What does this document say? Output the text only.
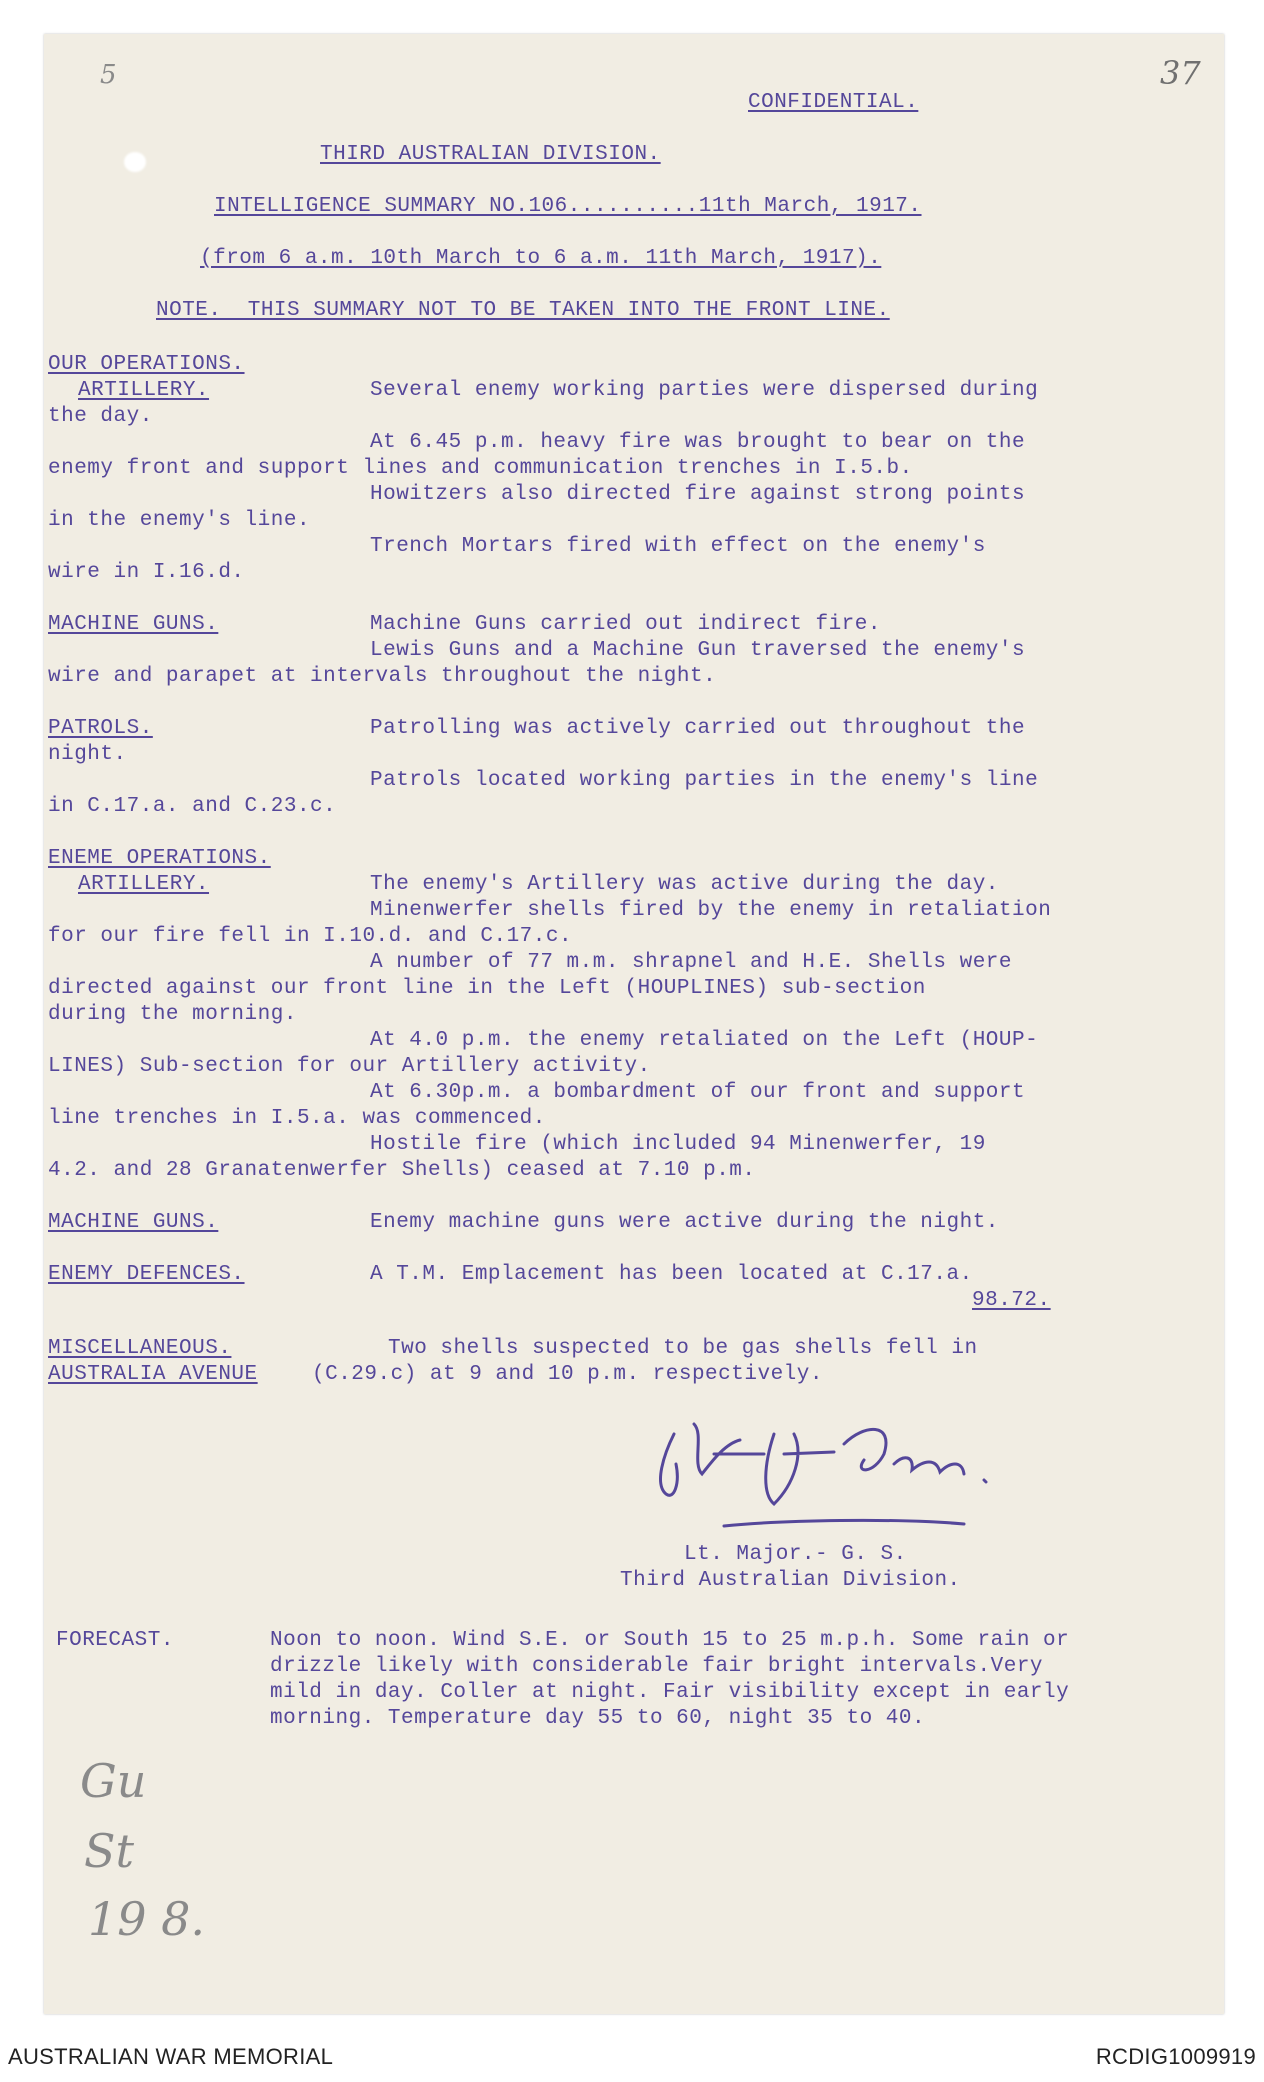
5	37
CONFIDENTIAL.
THIRD AUSTRALIAN DIVISION.
INTELLIGENCE SUMMARY NO.106..........11th March, 1917.
(from 6 a.m. 10th March to 6 a.m. 11th March, 1917).
NOTE.  THIS SUMMARY NOT TO BE TAKEN INTO THE FRONT LINE.
OUR OPERATIONS.
ARTILLERY.	Several enemy working parties were dispersed during
the day.
At 6.45 p.m. heavy fire was brought to bear on the
enemy front and support lines and communication trenches in I.5.b.
Howitzers also directed fire against strong points
in the enemy's line.
Trench Mortars fired with effect on the enemy's
wire in I.16.d.
MACHINE GUNS.	Machine Guns carried out indirect fire.
Lewis Guns and a Machine Gun traversed the enemy's
wire and parapet at intervals throughout the night.
PATROLS.	Patrolling was actively carried out throughout the
night.
Patrols located working parties in the enemy's line
in C.17.a. and C.23.c.
ENEME OPERATIONS.
ARTILLERY.	The enemy's Artillery was active during the day.
Minenwerfer shells fired by the enemy in retaliation
for our fire fell in I.10.d. and C.17.c.
A number of 77 m.m. shrapnel and H.E. Shells were
directed against our front line in the Left (HOUPLINES) sub-section
during the morning.
At 4.0 p.m. the enemy retaliated on the Left (HOUP-
LINES) Sub-section for our Artillery activity.
At 6.30p.m. a bombardment of our front and support
line trenches in I.5.a. was commenced.
Hostile fire (which included 94 Minenwerfer, 19
4.2. and 28 Granatenwerfer Shells) ceased at 7.10 p.m.
MACHINE GUNS.	Enemy machine guns were active during the night.
ENEMY DEFENCES.	A T.M. Emplacement has been located at C.17.a.
98.72.
MISCELLANEOUS.	Two shells suspected to be gas shells fell in
AUSTRALIA AVENUE	(C.29.c) at 9 and 10 p.m. respectively.
Lt. Major.- G. S.
Third Australian Division.
FORECAST.	Noon to noon. Wind S.E. or South 15 to 25 m.p.h. Some rain or
drizzle likely with considerable fair bright intervals.Very
mild in day. Coller at night. Fair visibility except in early
morning. Temperature day 55 to 60, night 35 to 40.
Gu
St
19 8.
AUSTRALIAN WAR MEMORIAL	RCDIG1009919
